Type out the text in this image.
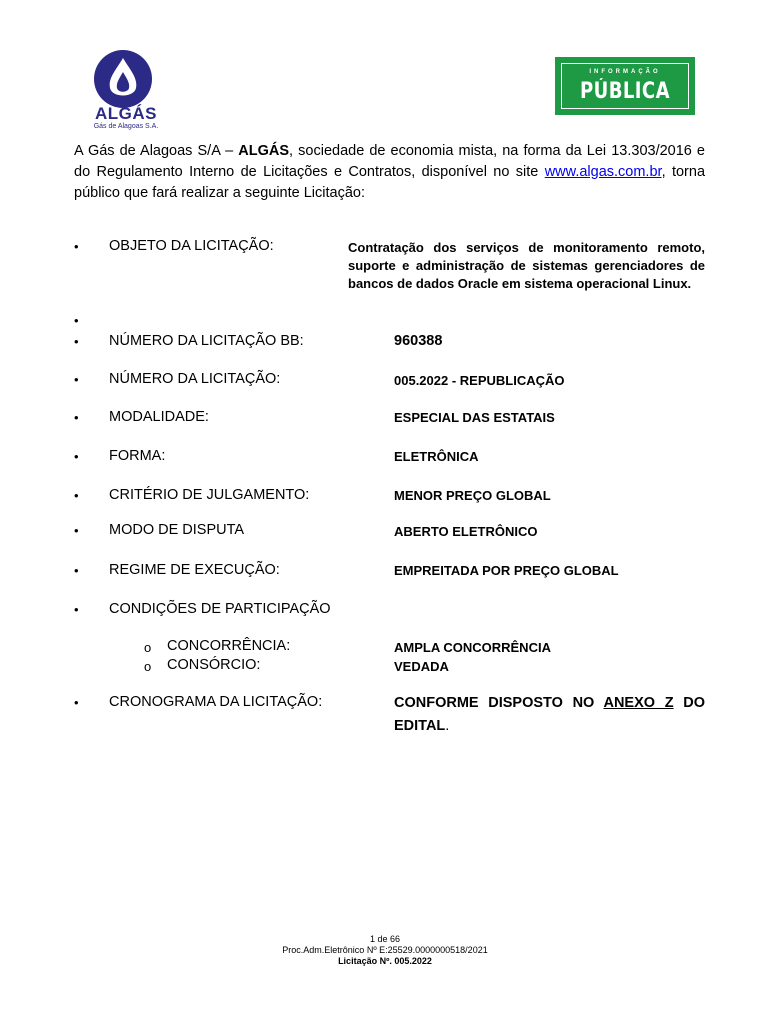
ALGÁS
Gás de Alagoas S.A.
INFORMAÇÃO
PÚBLICA
A Gás de Alagoas S/A – ALGÁS, sociedade de economia mista, na forma da Lei 13.303/2016 e do Regulamento Interno de Licitações e Contratos, disponível no site www.algas.com.br, torna público que fará realizar a seguinte Licitação:
• OBJETO DA LICITAÇÃO:	Contratação dos serviços de monitoramento remoto, suporte e administração de sistemas gerenciadores de bancos de dados Oracle em sistema operacional Linux.
•
• NÚMERO DA LICITAÇÃO BB:	960388
• NÚMERO DA LICITAÇÃO:	005.2022 - REPUBLICAÇÃO
• MODALIDADE:	ESPECIAL DAS ESTATAIS
• FORMA:	ELETRÔNICA
• CRITÉRIO DE JULGAMENTO:	MENOR PREÇO GLOBAL
• MODO DE DISPUTA	ABERTO ELETRÔNICO
• REGIME DE EXECUÇÃO:	EMPREITADA POR PREÇO GLOBAL
• CONDIÇÕES DE PARTICIPAÇÃO
o CONCORRÊNCIA:	AMPLA CONCORRÊNCIA
o CONSÓRCIO:	VEDADA
• CRONOGRAMA DA LICITAÇÃO:	CONFORME DISPOSTO NO ANEXO Z DO EDITAL.
1 de 66
Proc.Adm.Eletrônico Nº E:25529.0000000518/2021
Licitação Nº. 005.2022
